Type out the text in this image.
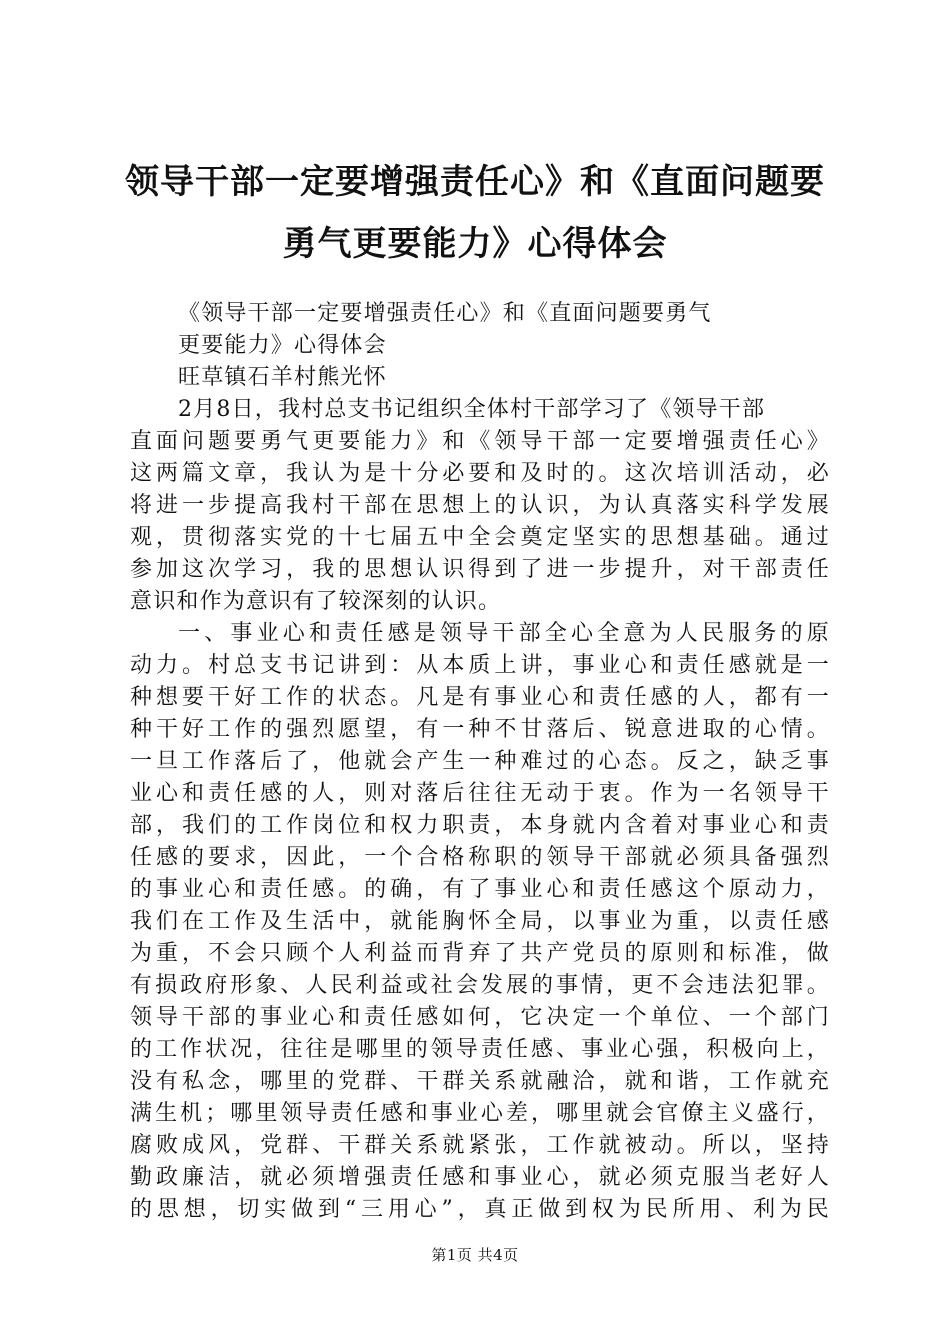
领导干部一定要增强责任心》和《直面问题要
勇气更要能力》心得体会
《领导干部一定要增强责任心》和《直面问题要勇气
更要能力》心得体会
旺草镇石羊村熊光怀
2月8日，我村总支书记组织全体村干部学习了《领导干部
直面问题要勇气更要能力》和《领导干部一定要增强责任心》
这两篇文章，我认为是十分必要和及时的。这次培训活动，必
将进一步提高我村干部在思想上的认识，为认真落实科学发展
观，贯彻落实党的十七届五中全会奠定坚实的思想基础。通过
参加这次学习，我的思想认识得到了进一步提升，对干部责任
意识和作为意识有了较深刻的认识。
一、事业心和责任感是领导干部全心全意为人民服务的原
动力。村总支书记讲到：从本质上讲，事业心和责任感就是一
种想要干好工作的状态。凡是有事业心和责任感的人，都有一
种干好工作的强烈愿望，有一种不甘落后、锐意进取的心情。
一旦工作落后了，他就会产生一种难过的心态。反之，缺乏事
业心和责任感的人，则对落后往往无动于衷。作为一名领导干
部，我们的工作岗位和权力职责，本身就内含着对事业心和责
任感的要求，因此，一个合格称职的领导干部就必须具备强烈
的事业心和责任感。的确，有了事业心和责任感这个原动力，
我们在工作及生活中，就能胸怀全局，以事业为重，以责任感
为重，不会只顾个人利益而背弃了共产党员的原则和标准，做
有损政府形象、人民利益或社会发展的事情，更不会违法犯罪。
领导干部的事业心和责任感如何，它决定一个单位、一个部门
的工作状况，往往是哪里的领导责任感、事业心强，积极向上，
没有私念，哪里的党群、干群关系就融洽，就和谐，工作就充
满生机；哪里领导责任感和事业心差，哪里就会官僚主义盛行，
腐败成风，党群、干群关系就紧张，工作就被动。所以，坚持
勤政廉洁，就必须增强责任感和事业心，就必须克服当老好人
的思想，切实做到“三用心”，真正做到权为民所用、利为民
第1页 共4页
